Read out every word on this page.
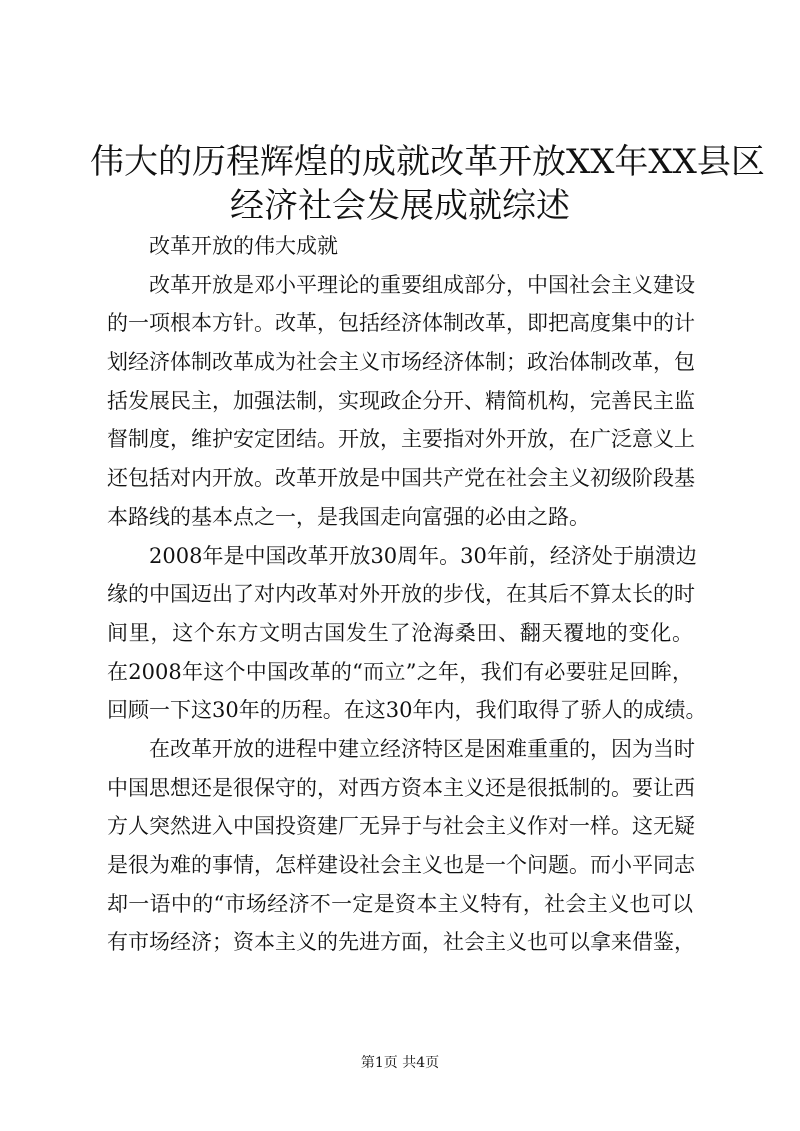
伟大的历程辉煌的成就改革开放XX年XX县区
经济社会发展成就综述
改革开放的伟大成就
改革开放是邓小平理论的重要组成部分，中国社会主义建设
的一项根本方针。改革，包括经济体制改革，即把高度集中的计
划经济体制改革成为社会主义市场经济体制；政治体制改革，包
括发展民主，加强法制，实现政企分开、精简机构，完善民主监
督制度，维护安定团结。开放，主要指对外开放，在广泛意义上
还包括对内开放。改革开放是中国共产党在社会主义初级阶段基
本路线的基本点之一，是我国走向富强的必由之路。
2008年是中国改革开放30周年。30年前，经济处于崩溃边
缘的中国迈出了对内改革对外开放的步伐，在其后不算太长的时
间里，这个东方文明古国发生了沧海桑田、翻天覆地的变化。
在2008年这个中国改革的“而立”之年，我们有必要驻足回眸，
回顾一下这30年的历程。在这30年内，我们取得了骄人的成绩。
在改革开放的进程中建立经济特区是困难重重的，因为当时
中国思想还是很保守的，对西方资本主义还是很抵制的。要让西
方人突然进入中国投资建厂无异于与社会主义作对一样。这无疑
是很为难的事情，怎样建设社会主义也是一个问题。而小平同志
却一语中的“市场经济不一定是资本主义特有，社会主义也可以
有市场经济；资本主义的先进方面，社会主义也可以拿来借鉴，
第1页 共4页
